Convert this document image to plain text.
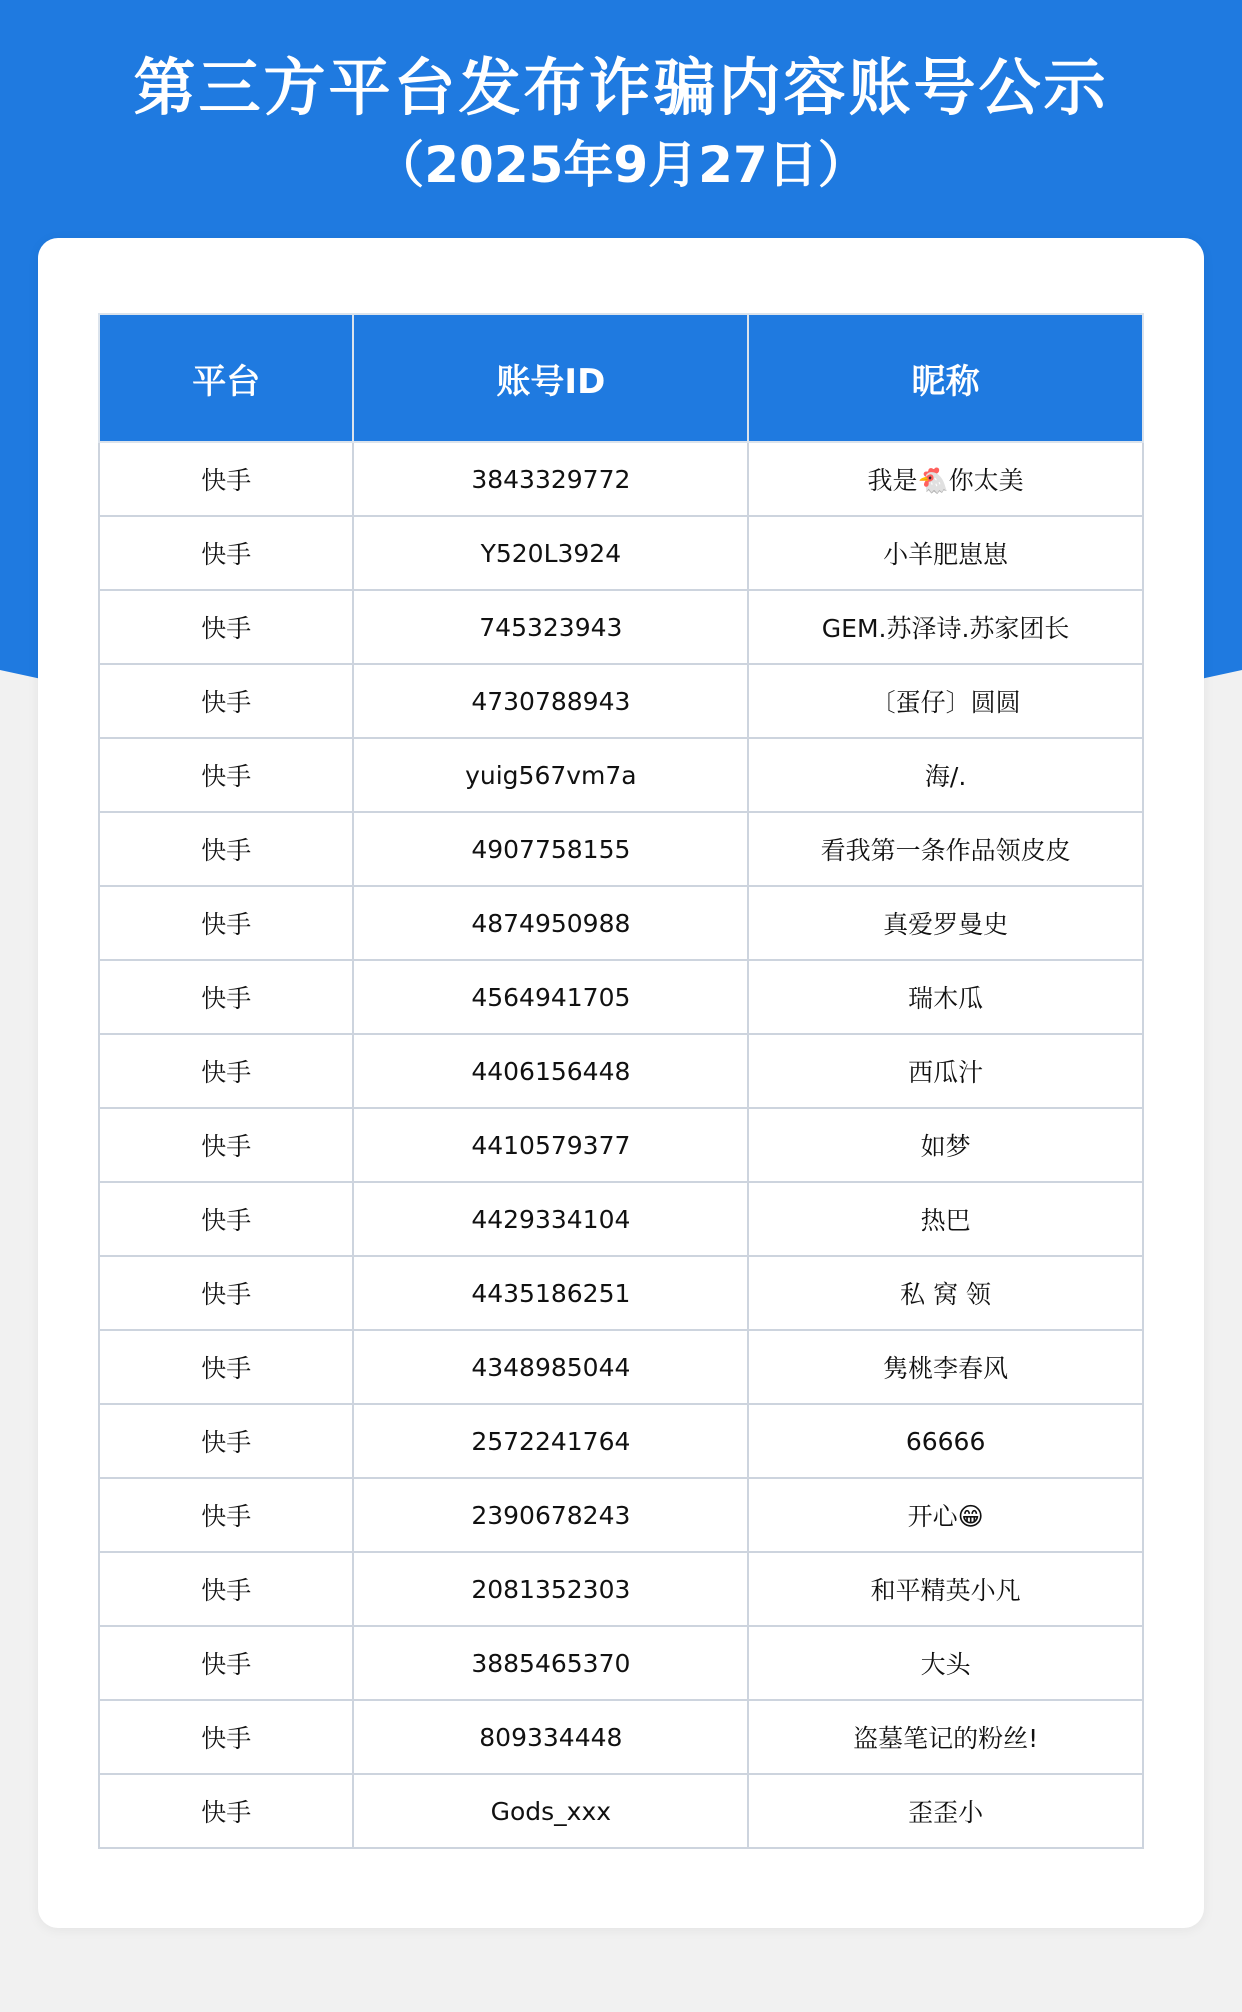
第三方平台发布诈骗内容账号公示
（2025年9月27日）
平台	账号ID	昵称
快手	3843329772	我是🐔你太美
快手	Y520L3924	小羊肥崽崽
快手	745323943	GEM.苏泽诗.苏家团长
快手	4730788943	〔蛋仔〕圆圆
快手	yuig567vm7a	海/.
快手	4907758155	看我第一条作品领皮皮
快手	4874950988	真爱罗曼史
快手	4564941705	瑞木瓜
快手	4406156448	西瓜汁
快手	4410579377	如梦
快手	4429334104	热巴
快手	4435186251	私 窝 领
快手	4348985044	隽桃李春风
快手	2572241764	66666
快手	2390678243	开心😁
快手	2081352303	和平精英小凡
快手	3885465370	大头
快手	809334448	盗墓笔记的粉丝!
快手	Gods_xxx	歪歪小
